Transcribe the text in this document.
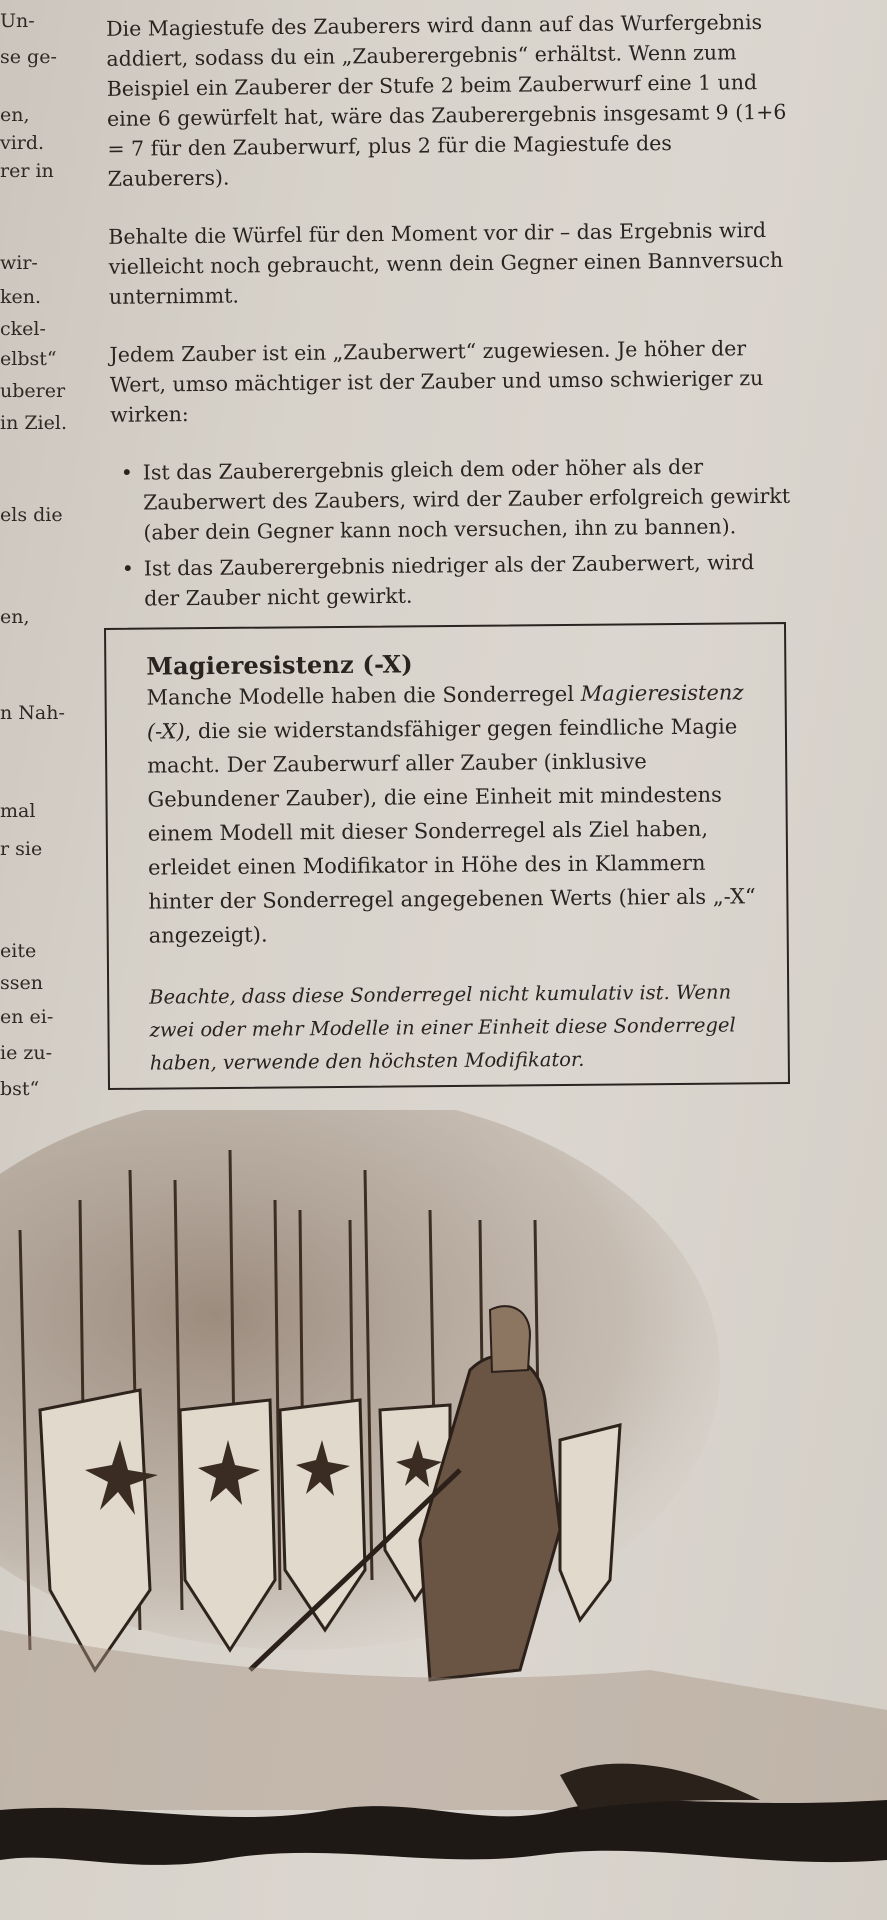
Un-
se ge-
en,
vird.
rer in
wir-
ken.
ckel-
elbst“
uberer
in Ziel.
els die
en,
n Nah-
mal
r sie
eite
ssen
en ei-
ie zu-
bst“

Die Magiestufe des Zauberers wird dann auf das Wurfergebnis addiert, sodass du ein „Zauberergebnis“ erhältst. Wenn zum Beispiel ein Zauberer der Stufe 2 beim Zauberwurf eine 1 und eine 6 gewürfelt hat, wäre das Zauberergebnis insgesamt 9 (1+6 = 7 für den Zauberwurf, plus 2 für die Magiestufe des Zauberers).

Behalte die Würfel für den Moment vor dir – das Ergebnis wird vielleicht noch gebraucht, wenn dein Gegner einen Bannversuch unternimmt.

Jedem Zauber ist ein „Zauberwert“ zugewiesen. Je höher der Wert, umso mächtiger ist der Zauber und umso schwieriger zu wirken:

• Ist das Zauberergebnis gleich dem oder höher als der Zauberwert des Zaubers, wird der Zauber erfolgreich gewirkt (aber dein Gegner kann noch versuchen, ihn zu bannen).
• Ist das Zauberergebnis niedriger als der Zauberwert, wird der Zauber nicht gewirkt.
Magieresistenz (-X)

Manche Modelle haben die Sonderregel Magieresistenz (-X), die sie widerstandsfähiger gegen feindliche Magie macht. Der Zauberwurf aller Zauber (inklusive Gebundener Zauber), die eine Einheit mit mindestens einem Modell mit dieser Sonderregel als Ziel haben, erleidet einen Modifikator in Höhe des in Klammern hinter der Sonderregel angegebenen Werts (hier als „-X“ angezeigt).

Beachte, dass diese Sonderregel nicht kumulativ ist. Wenn zwei oder mehr Modelle in einer Einheit diese Sonderregel haben, verwende den höchsten Modifikator.
